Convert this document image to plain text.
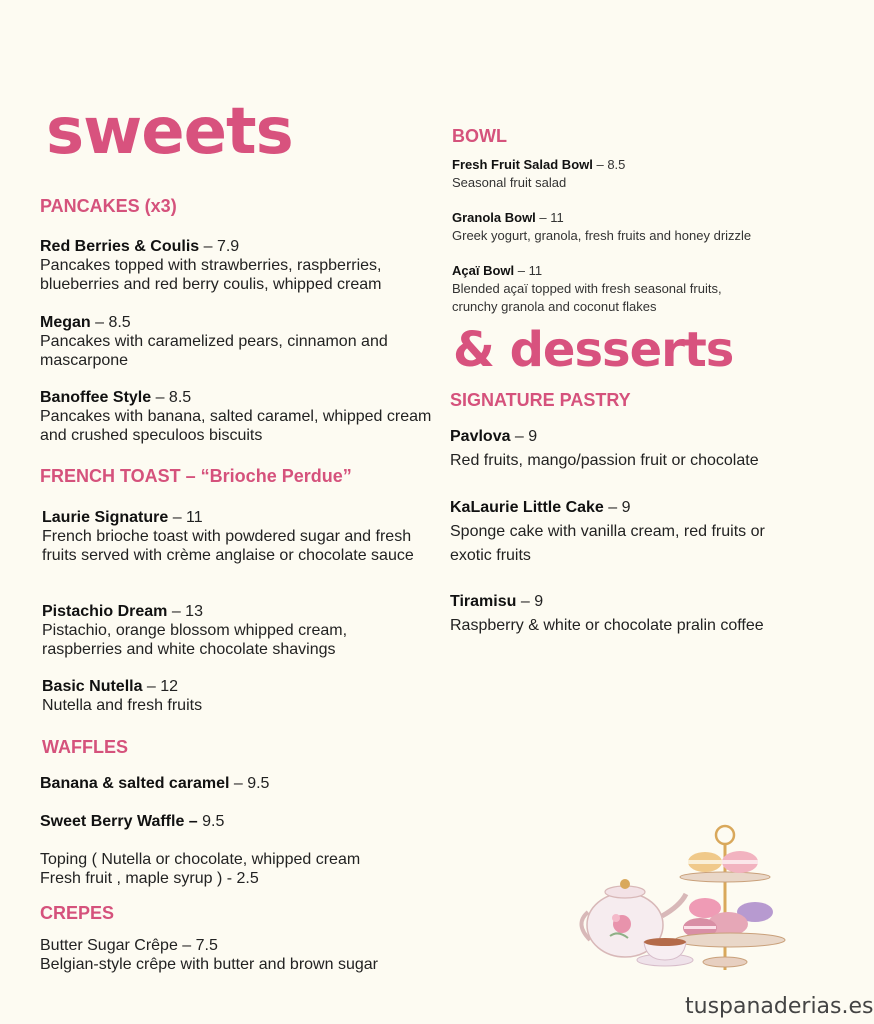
sweets
& desserts
PANCAKES (x3)
Red Berries & Coulis – 7.9
Pancakes topped with strawberries, raspberries, blueberries and red berry coulis, whipped cream
Megan – 8.5
Pancakes with caramelized pears, cinnamon and mascarpone
Banoffee Style – 8.5
Pancakes with banana, salted caramel, whipped cream and crushed speculoos biscuits
FRENCH TOAST – “Brioche Perdue”
Laurie Signature – 11
French brioche toast with powdered sugar and fresh fruits served with crème anglaise or chocolate sauce
Pistachio Dream – 13
Pistachio, orange blossom whipped cream, raspberries and white chocolate shavings
Basic Nutella – 12
Nutella and fresh fruits
WAFFLES
Banana & salted caramel – 9.5
Sweet Berry Waffle – 9.5
Toping ( Nutella or chocolate, whipped cream
Fresh fruit , maple syrup ) - 2.5
CREPES
Butter Sugar Crêpe – 7.5
Belgian-style crêpe with butter and brown sugar
BOWL
Fresh Fruit Salad Bowl – 8.5
Seasonal fruit salad
Granola Bowl – 11
Greek yogurt, granola, fresh fruits and honey drizzle
Açaï Bowl – 11
Blended açaï topped with fresh seasonal fruits, crunchy granola and coconut flakes
SIGNATURE PASTRY
Pavlova – 9
Red fruits, mango/passion fruit or chocolate
KaLaurie Little Cake – 9
Sponge cake with vanilla cream, red fruits or exotic fruits
Tiramisu – 9
Raspberry & white or chocolate pralin coffee
tuspanaderias.es
